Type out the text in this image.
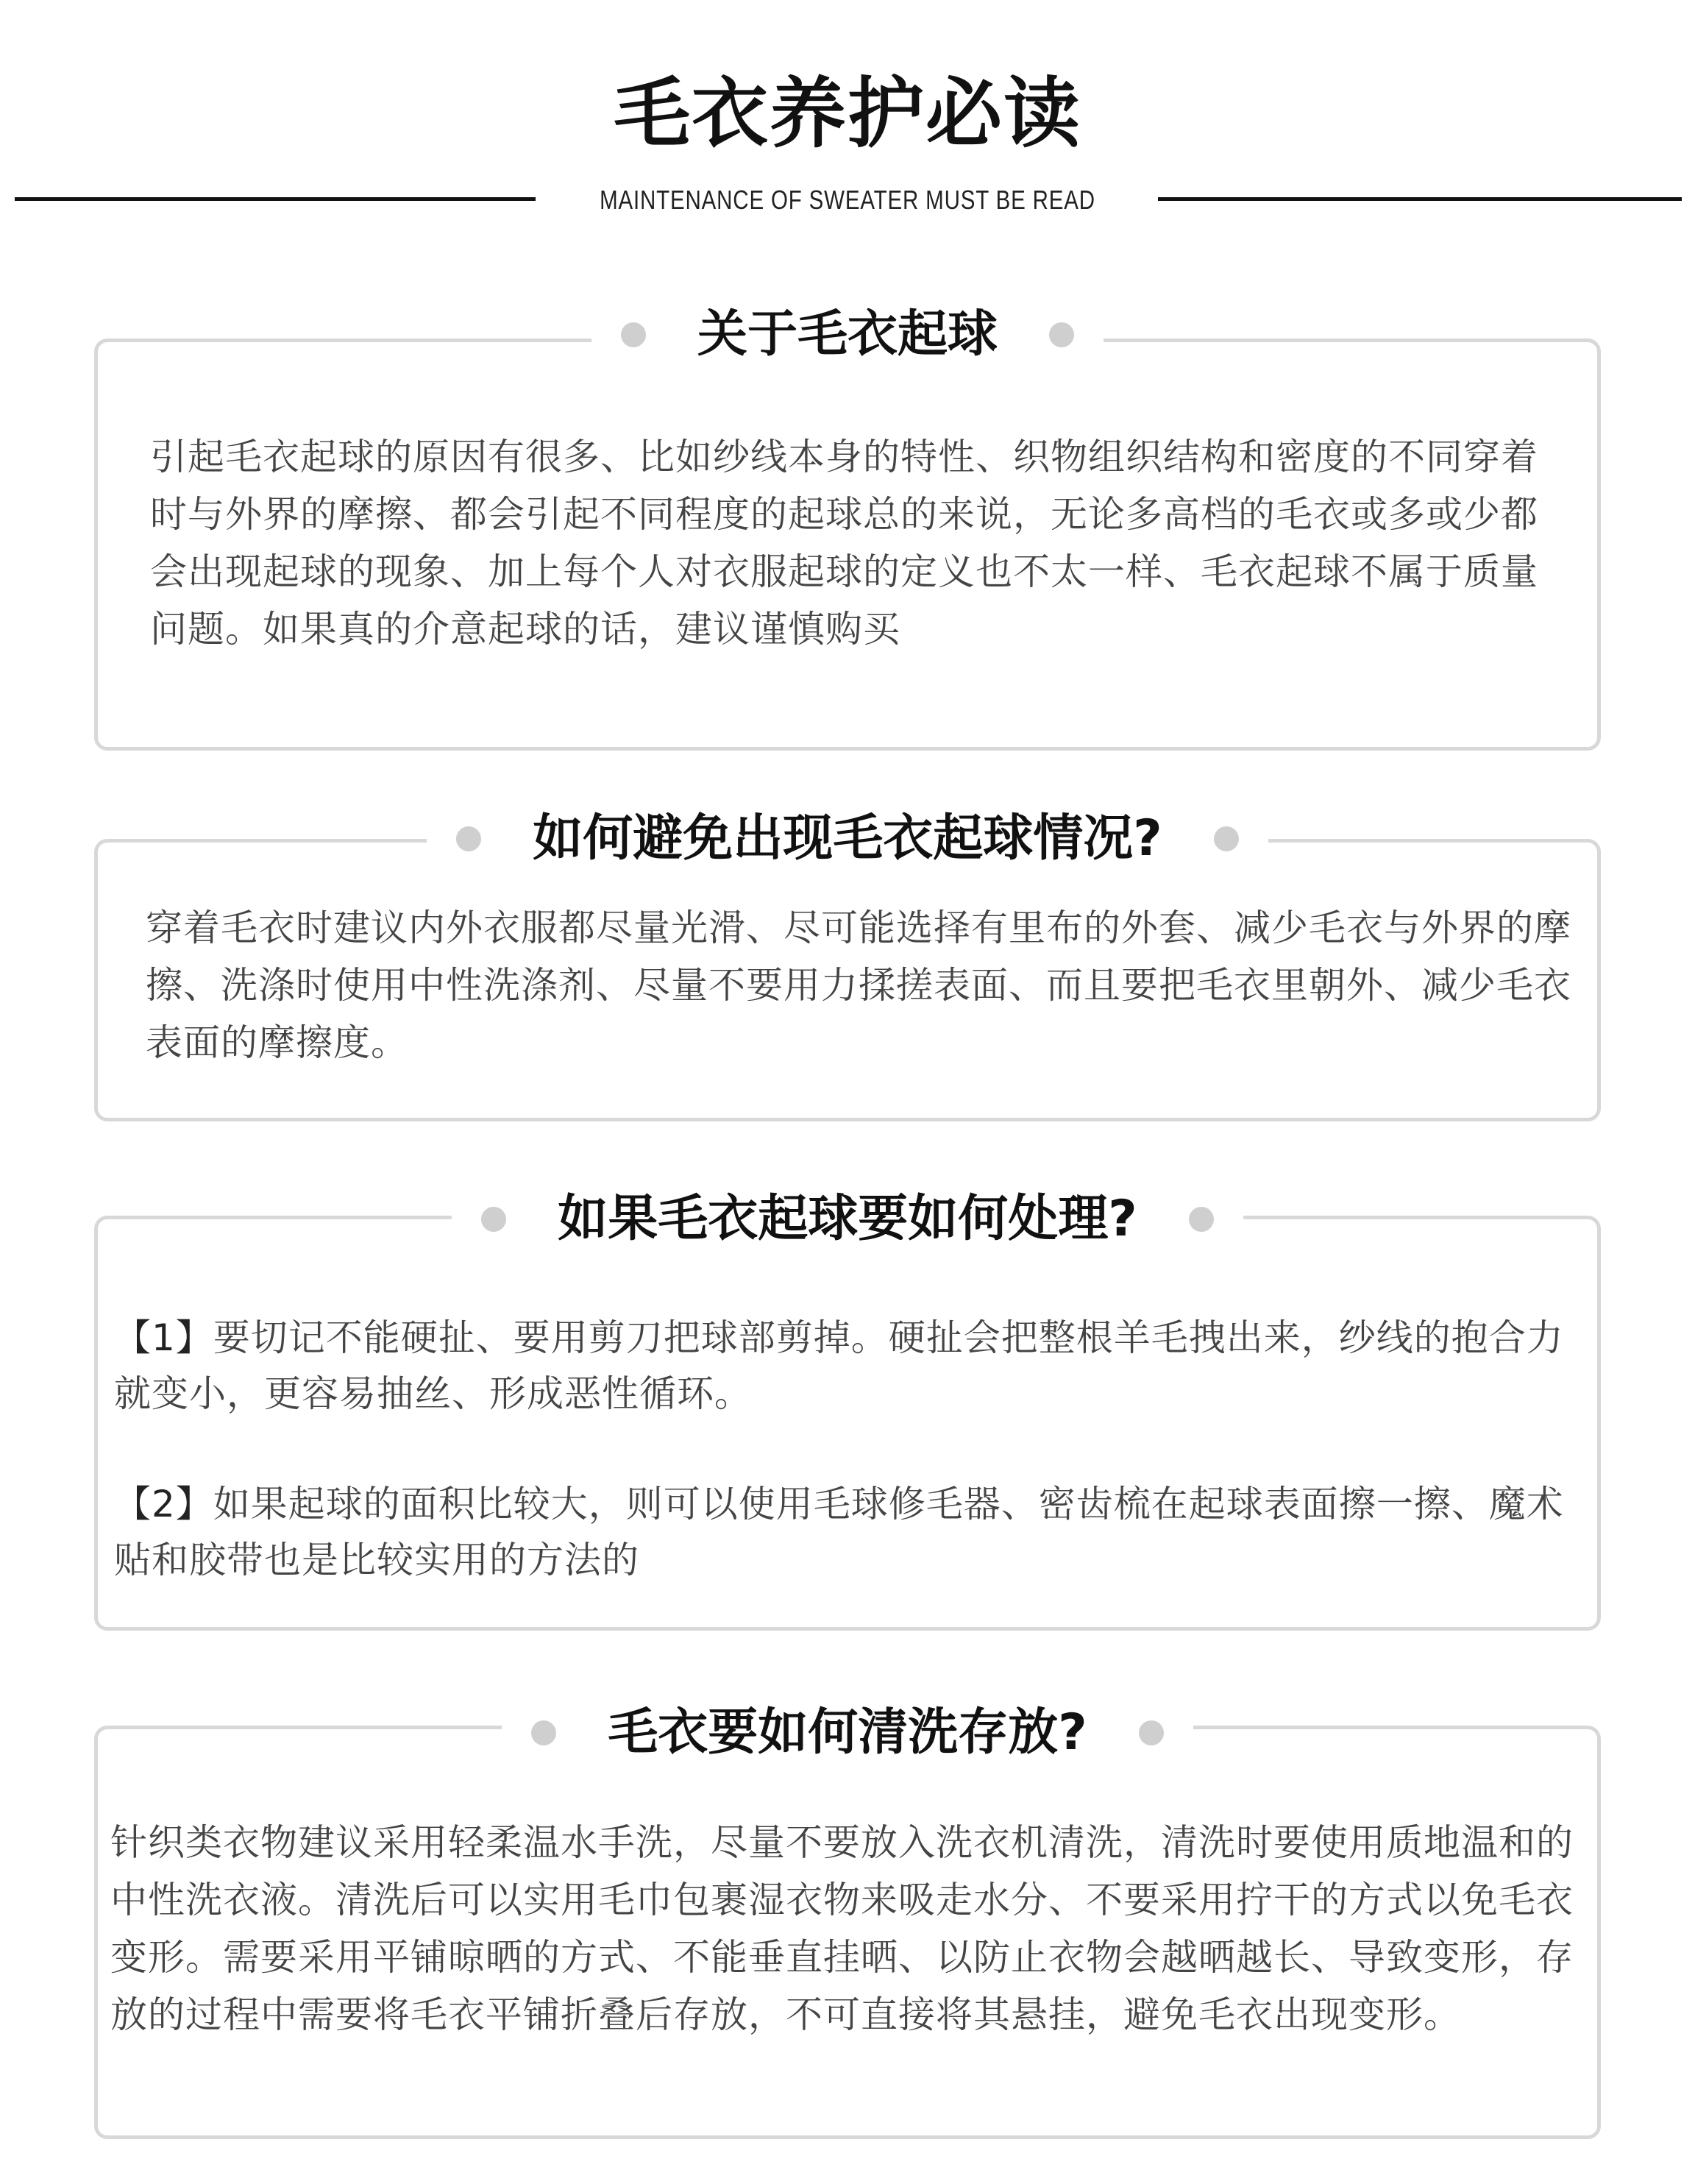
毛衣养护必读
MAINTENANCE OF SWEATER MUST BE READ
关于毛衣起球
引起毛衣起球的原因有很多、比如纱线本身的特性、织物组织结构和密度的不同穿着时与外界的摩擦、都会引起不同程度的起球总的来说，无论多高档的毛衣或多或少都会出现起球的现象、加上每个人对衣服起球的定义也不太一样、毛衣起球不属于质量问题。如果真的介意起球的话，建议谨慎购买
如何避免出现毛衣起球情况?
穿着毛衣时建议内外衣服都尽量光滑、尽可能选择有里布的外套、减少毛衣与外界的摩擦、洗涤时使用中性洗涤剂、尽量不要用力揉搓表面、而且要把毛衣里朝外、减少毛衣表面的摩擦度。
如果毛衣起球要如何处理?
【1】要切记不能硬扯、要用剪刀把球部剪掉。硬扯会把整根羊毛拽出来，纱线的抱合力就变小，更容易抽丝、形成恶性循环。
【2】如果起球的面积比较大，则可以使用毛球修毛器、密齿梳在起球表面擦一擦、魔术贴和胶带也是比较实用的方法的
毛衣要如何清洗存放?
针织类衣物建议采用轻柔温水手洗，尽量不要放入洗衣机清洗，清洗时要使用质地温和的中性洗衣液。清洗后可以实用毛巾包裹湿衣物来吸走水分、不要采用拧干的方式以免毛衣变形。需要采用平铺晾晒的方式、不能垂直挂晒、以防止衣物会越晒越长、导致变形，存放的过程中需要将毛衣平铺折叠后存放，不可直接将其悬挂，避免毛衣出现变形。
